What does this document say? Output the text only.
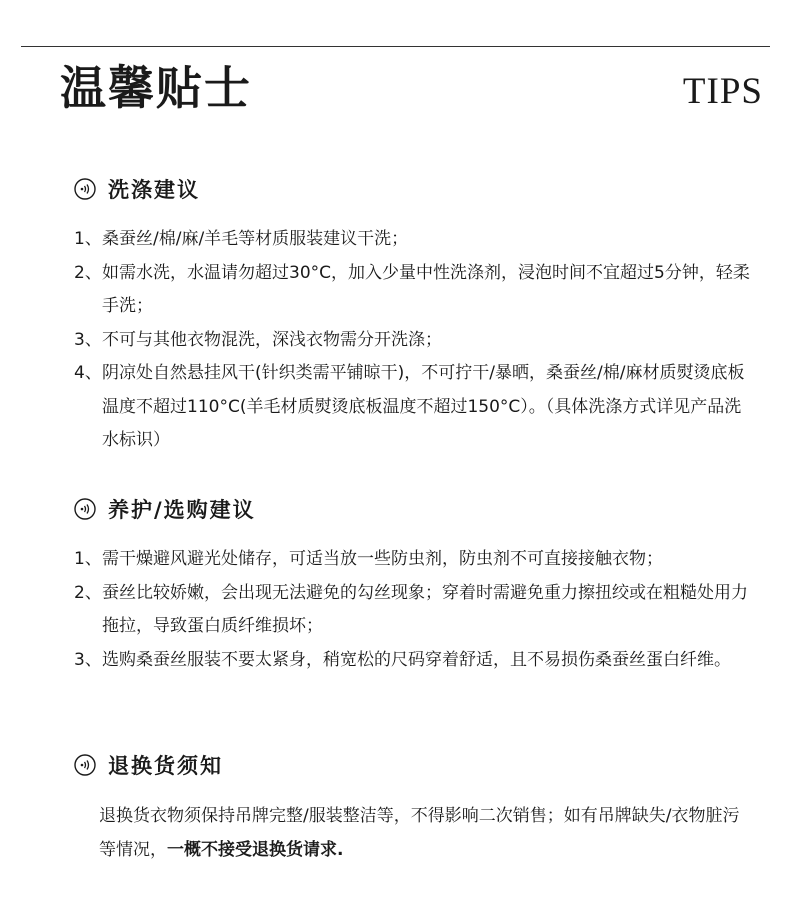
温馨贴士	TIPS
洗涤建议
1、 桑蚕丝/棉/麻/羊毛等材质服装建议干洗；
2、 如需水洗，水温请勿超过30°C，加入少量中性洗涤剂，浸泡时间不宜超过5分钟，轻柔手洗；
3、 不可与其他衣物混洗，深浅衣物需分开洗涤；
4、 阴凉处自然悬挂风干(针织类需平铺晾干)，不可拧干/暴晒，桑蚕丝/棉/麻材质熨烫底板温度不超过110°C(羊毛材质熨烫底板温度不超过150°C）。（具体洗涤方式详见产品洗水标识）
养护/选购建议
1、 需干燥避风避光处储存，可适当放一些防虫剂，防虫剂不可直接接触衣物；
2、 蚕丝比较娇嫩，会出现无法避免的勾丝现象；穿着时需避免重力擦扭绞或在粗糙处用力拖拉，导致蛋白质纤维损坏；
3、 选购桑蚕丝服装不要太紧身，稍宽松的尺码穿着舒适，且不易损伤桑蚕丝蛋白纤维。
退换货须知
退换货衣物须保持吊牌完整/服装整洁等，不得影响二次销售；如有吊牌缺失/衣物脏污等情况，一概不接受退换货请求.
